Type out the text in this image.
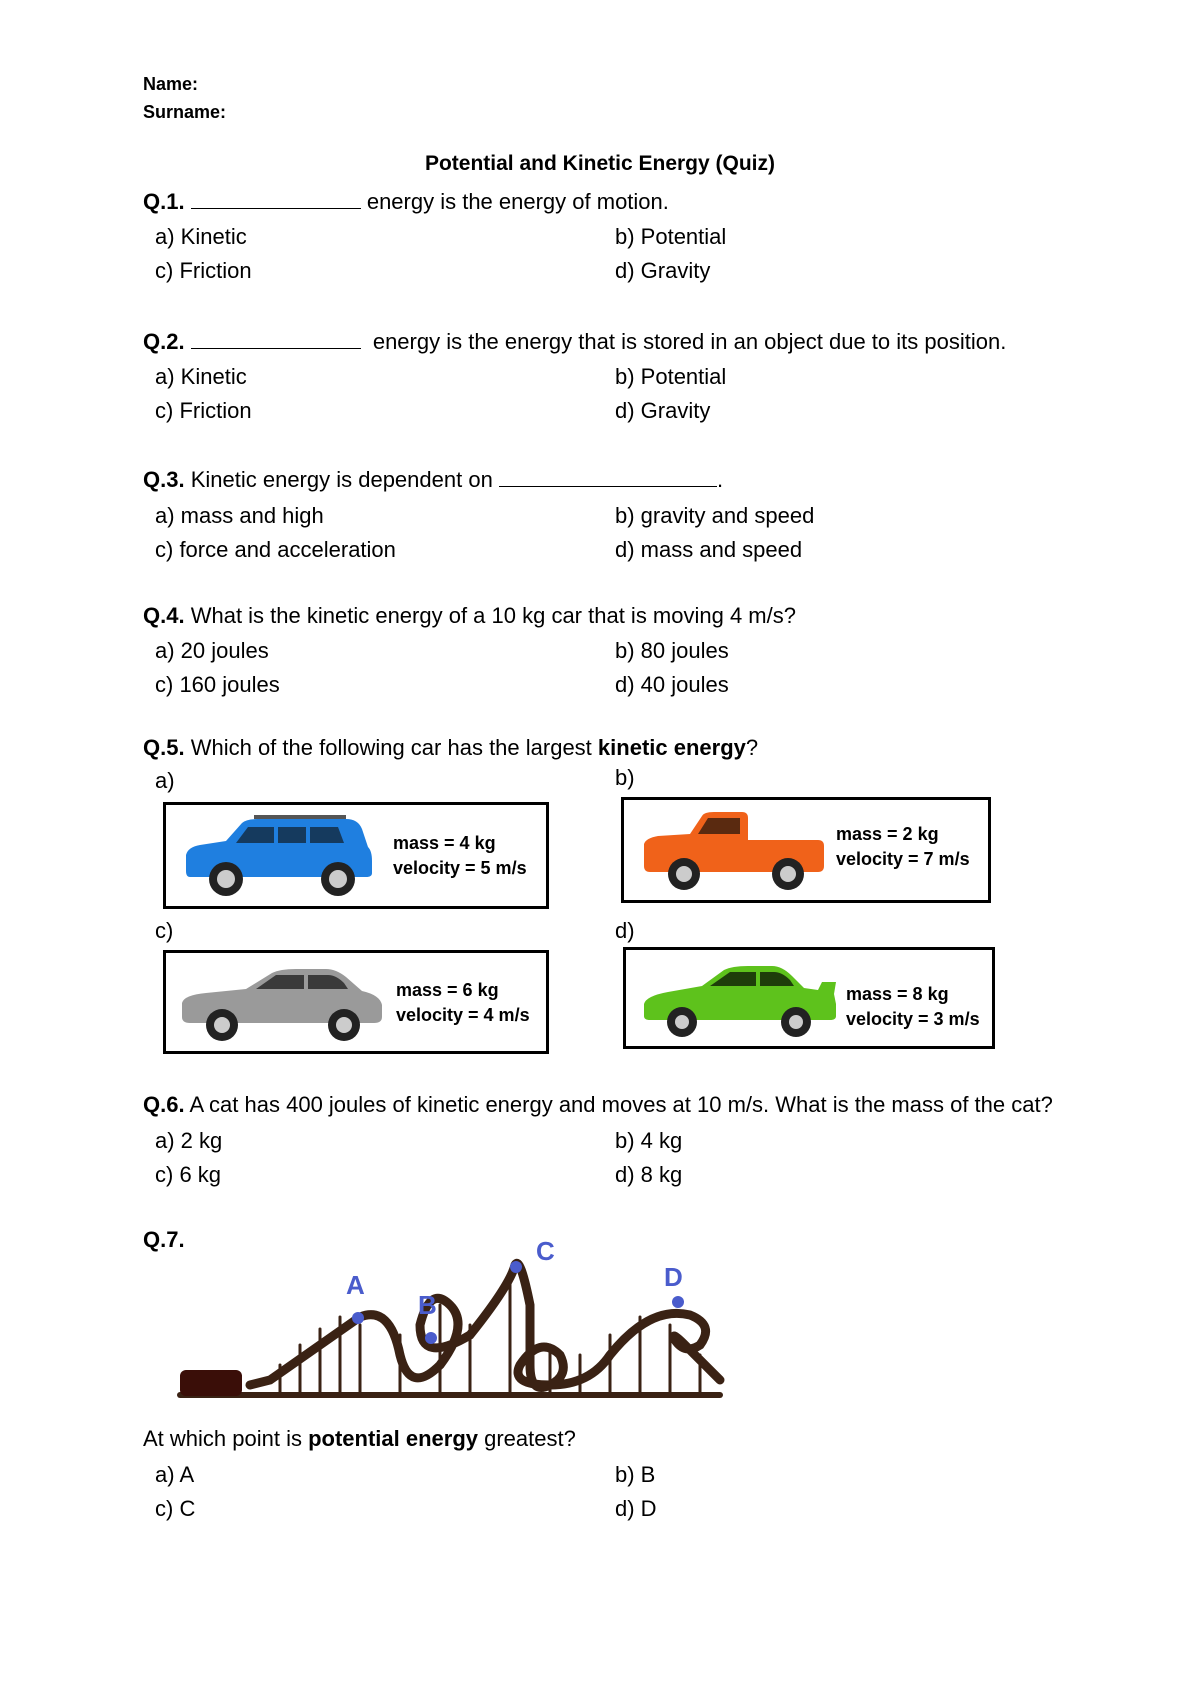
Name:
Surname:
Potential and Kinetic Energy (Quiz)
Q.1.	energy is the energy of motion.
a) Kinetic	b) Potential
c) Friction	d) Gravity
Q.2.	energy is the energy that is stored in an object due to its position.
a) Kinetic	b) Potential
c) Friction	d) Gravity
Q.3. Kinetic energy is dependent on	.
a) mass and high	b) gravity and speed
c) force and acceleration	d) mass and speed
Q.4. What is the kinetic energy of a 10 kg car that is moving 4 m/s?
a) 20 joules	b) 80 joules
c) 160 joules	d) 40 joules
Q.5. Which of the following car has the largest kinetic energy?
a)	b)
mass = 4 kg
velocity = 5 m/s
mass = 2 kg
velocity = 7 m/s
c)	d)
mass = 6 kg
velocity = 4 m/s
mass = 8 kg
velocity = 3 m/s
Q.6. A cat has 400 joules of kinetic energy and moves at 10 m/s. What is the mass of the cat?
a) 2 kg	b) 4 kg
c) 6 kg	d) 8 kg
Q.7.
A
B
C
D
At which point is potential energy greatest?
a) A	b) B
c) C	d) D
